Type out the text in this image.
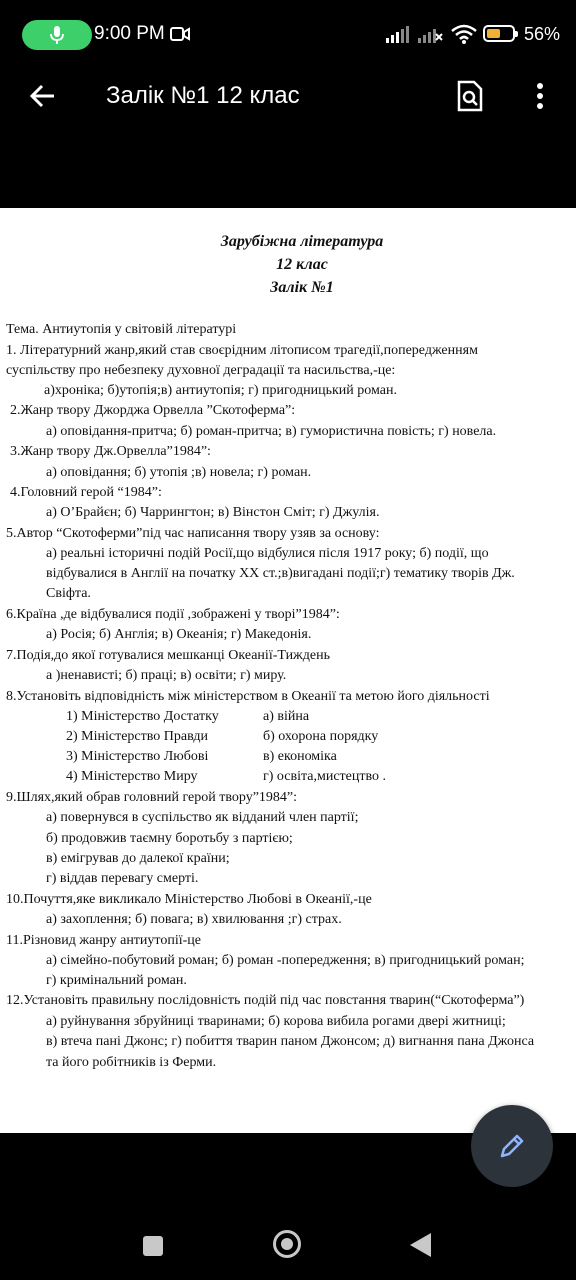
9:00 PM	56%
Залік №1 12 клас
Зарубіжна література
12 клас
Залік №1
Тема. Антиутопія у світовій літературі
1. Літературний жанр,який став своєрідним літописом трагедії,попередженням
суспільству про небезпеку духовної деградації та насильства,-це:
а)хроніка; б)утопія;в) антиутопія; г) пригодницький роман.
2.Жанр твору Джорджа Орвелла ”Скотоферма”:
а) оповідання-притча; б) роман-притча; в) гумористична повість; г) новела.
3.Жанр твору Дж.Орвелла”1984”:
а) оповідання; б) утопія ;в) новела; г) роман.
4.Головний герой “1984”:
а) О’Брайєн; б) Чаррингтон; в) Вінстон Сміт; г) Джулія.
5.Автор “Скотоферми”під час написання твору узяв за основу:
а) реальні історичні подій Росії,що відбулися після 1917 року; б) події, що
відбувалися в Англії на початку ХХ ст.;в)вигадані події;г) тематику творів Дж.
Свіфта.
6.Країна ,де відбувалися події ,зображені у творі”1984”:
а) Росія; б) Англія; в) Океанія; г) Македонія.
7.Подія,до якої готувалися мешканці Океанії-Тиждень
а )ненависті; б) праці; в) освіти; г) миру.
8.Установіть відповідність між міністерством в Океанії та метою його діяльності
1) Міністерство Достатку	а) війна
2) Міністерство Правди	б) охорона порядку
3) Міністерство Любові	в) економіка
4) Міністерство Миру	г) освіта,мистецтво .
9.Шлях,який обрав головний герой твору”1984”:
а) повернувся в суспільство як відданий член партії;
б) продовжив таємну боротьбу з партією;
в) емігрував до далекої країни;
г) віддав перевагу смерті.
10.Почуття,яке викликало Міністерство Любові в Океанії,-це
а) захоплення; б) повага; в) хвилювання ;г) страх.
11.Різновид жанру антиутопії-це
а) сімейно-побутовий роман; б) роман -попередження; в) пригодницький роман;
г) кримінальний роман.
12.Установіть правильну послідовність подій під час повстання тварин(“Скотоферма”)
а) руйнування збруйниці тваринами; б) корова вибила рогами двері житниці;
в) втеча пані Джонс; г) побиття тварин паном Джонсом; д) вигнання пана Джонса
та його робітників із Ферми.
